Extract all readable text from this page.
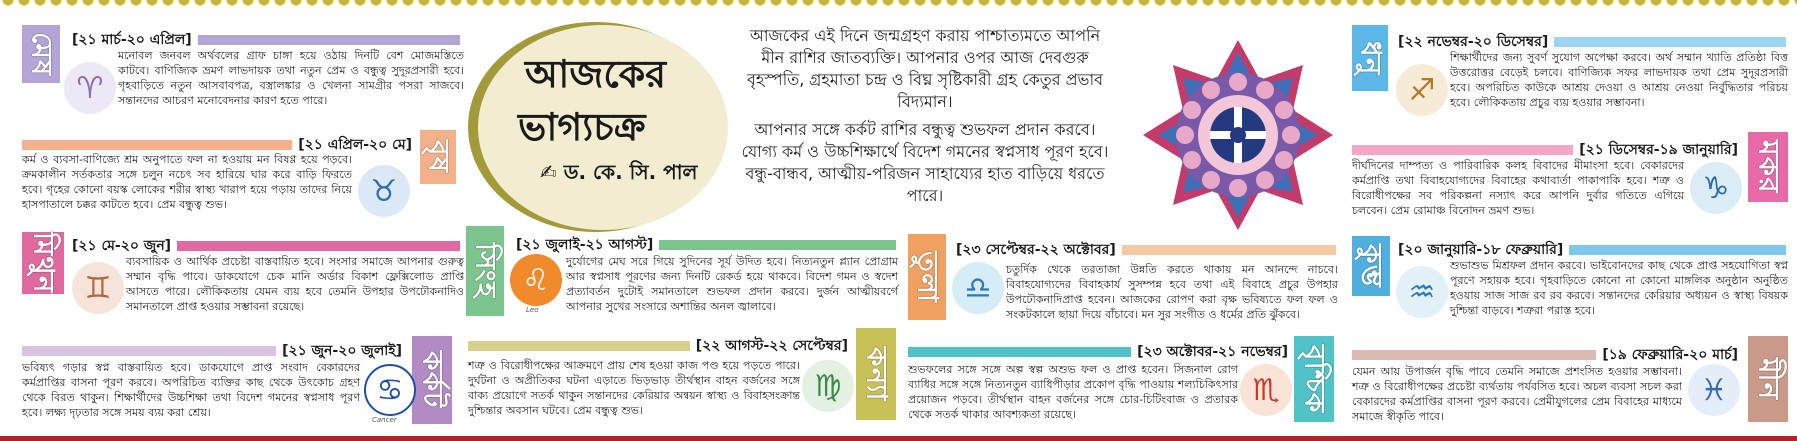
মেষ [২১ মার্চ-২০ এপ্রিল]
♈
মনোবল জনবল অর্থবলের গ্রাফ চাঙ্গা হয়ে ওঠায় দিনটি বেশ মোজমস্তিতে কাটবে। বাণিজ্যিক ভ্রমণ লাভদায়ক তথা নতুন প্রেম ও বন্ধুত্ব সুদূরপ্রসারী হবে। গৃহবাড়িতে নতুন আসবাবপত্র, বস্ত্রালঙ্কার ও খেলনা সামগ্রীর পসরা সাজবে। সন্তানদের আচরণ মনোবেদনার কারণ হতে পারে।
[২১ এপ্রিল-২০ মে] বৃষ
কর্ম ও ব্যবসা-বাণিজ্যে শ্রম অনুপাতে ফল না হওয়ায় মন বিষণ্ণ হয়ে পড়বে। ক্রমকালীন সর্তকতার সঙ্গে চলুন নচেৎ সব হারিয়ে ঘার করে বাড়ি ফিরতে হবে। গৃহের কোনো বয়স্ক লোকের শরীর স্বাস্থ্য খারাপ হয়ে পড়ায় তাদের নিয়ে হাসপাতালে চক্কর কাটতে হবে। প্রেম বন্ধুত্ব শুভ।	♉
মিথুন [২১ মে-২০ জুন]
♊
ব্যবসায়িক ও আর্থিক প্রচেষ্টা বাস্তবায়িত হবে। সংসার সমাজে আপনার গুরুত্ব সম্মান বৃদ্ধি পাবে। ডাকযোগে চেক মানি অর্ডার বিকাশ ফ্লেক্সিলোড প্রাপ্তি আসতে পারে। লৌকিকতায় যেমন ব্যয় হবে তেমনি উপহার উপঢৌকনাদিও সমানতালে প্রাপ্ত হওয়ার সম্ভাবনা রয়েছে।
[২১ জুন-২০ জুলাই]
কর্কট
ভবিষ্যৎ গড়ার স্বপ্ন বাস্তবায়িত হবে। ডাকযোগে প্রাপ্ত সংবাদ বেকারদের কর্মপ্রাপ্তির বাসনা পূরণ করবে। অপরিচিত ব্যক্তির কাছ থেকে উৎকোচ গ্রহণ থেকে বিরত থাকুন। শিক্ষার্থীদের উচ্চশিক্ষা তথা বিদেশ গমনের স্বপ্নসাধ পূরণ হবে। লক্ষ্য দৃঢ়তার সঙ্গে সময় ব্যয় করা শ্রেয়।
♋
Cancer
আজকের
ভাগ্যচক্র
✍ ড. কে. সি. পাল

আজকের এই দিনে জন্মগ্রহণ করায় পাশ্চাত্যমতে আপনি মীন রাশির জাতব্যক্তি। আপনার ওপর আজ দেবগুরু বৃহস্পতি, গ্রহমাতা চন্দ্র ও বিঘ্ন সৃষ্টিকারী গ্রহ কেতুর প্রভাব বিদ্যমান।

আপনার সঙ্গে কর্কট রাশির বন্ধুত্ব শুভফল প্রদান করবে। যোগ্য কর্ম ও উচ্চশিক্ষার্থে বিদেশ গমনের স্বপ্নসাধ পূরণ হবে। বন্ধু-বান্ধব, আত্মীয়-পরিজন সাহায্যের হাত বাড়িয়ে ধরতে পারে।

সিংহ [২১ জুলাই-২১ আগস্ট]
♌
Leo
দুর্যোগের মেঘ সরে গিয়ে সুদিনের সূর্য উদিত হবে। নিত্যনতুন প্ল্যান প্রোগ্রাম আর স্বপ্নসাধ পূরণের জন্য দিনটি রেকর্ড হয়ে থাকবে। বিদেশ গমন ও স্বদেশ প্রত্যাবর্তন দুটোই সমানতালে শুভফল প্রদান করবে। দুর্জন আত্মীয়বর্গে আপনার সুখের সংসারে অশান্তির অনল জ্বালাবে।
[২২ আগস্ট-২২ সেপ্টেম্বর]
কন্যা
শত্রু ও বিরোধীপক্ষের আক্রমণে প্রায় শেষ হওয়া কাজ পণ্ড হয়ে পড়তে পারে। দুর্ঘটনা ও অপ্রীতিকর ঘটনা এড়াতে ভিড়ভাড় তীর্থস্থান বাহন বর্জনের সঙ্গে বাক্য প্রয়োগে সতর্ক থাকুন সন্তানদের কেরিয়ার অন্বয়ন স্বাস্থ্য ও বিবাহসংক্রান্ত দুশ্চিন্তার অবসান ঘটবে। প্রেম বন্ধুত্ব শুভ।
♍
তুলা
[২৩ সেপ্টেম্বর-২২ অক্টোবর]
♎
চতুর্দিক থেকে তরতাজা উন্নতি করতে থাকায় মন আনন্দে নাচবে। বিবাহযোগ্যদের বিবাহকার্য সুসম্পন্ন হবে তথা এই বিবাহে প্রচুর উপহার উপঢৌকনাদিপ্রাপ্ত হবেন। আজকের রোপণ করা বৃক্ষ ভবিষ্যতে ফল ফল ও সংকটকালে ছায়া দিয়ে বাঁচাবে। মন সুর সংগীত ও ধর্মের প্রতি ঝুঁকবে।
[২৩ অক্টোবর-২১ নভেম্বর] বৃশ্চিক
শুভফলের সঙ্গে সঙ্গে অল্প স্বল্প অশুভ ফল ও প্রাপ্ত হবেন। সিজনাল রোগ ব্যাধির সঙ্গে সঙ্গে নিত্যনতুন ব্যাধিপীড়ার প্রকোপ বৃদ্ধি পাওয়ায় শল্যচিকিৎসার প্রয়োজন পড়বে। তীর্থস্থান বাহন বর্জনের সঙ্গে চোর-চিটিংবাজ ও প্রতারক থেকে সতর্ক থাকার আবশ্যকতা রয়েছে।
♏
ধনু [২২ নভেম্বর-২০ ডিসেম্বর]
♐
শিক্ষার্থীদের জন্য সুবর্ণ সুযোগ অপেক্ষা করবে। অর্থ সম্মান খ্যাতি প্রতিষ্ঠা বিত্ত উত্তরোত্তর বেড়েই চলবে। বাণিজ্যিক সফর লাভদায়ক তথা প্রেম সুদূরপ্রসারী হবে। অপরিচিত কাউকে আশ্রয় দেওয়া ও আশ্রয় নেওয়া নির্বুদ্ধিতার পরিচয় হবে। লৌকিকতায় প্রচুর ব্যয় হওয়ার সম্ভাবনা।
[২১ ডিসেম্বর-১৯ জানুয়ারি] মকর
দীর্ঘদিনের দাম্পত্য ও পারিবারিক কলহ বিবাদের মীমাংসা হবে। বেকারদের কর্মপ্রাপ্তি তথা বিবাহযোগ্যদের বিবাহের কথাবার্তা পাকাপাকি হবে। শত্রু ও বিরোধীপক্ষের সব পরিকল্পনা নস্যাৎ করে আপনি দুর্বার গতিতে এগিয়ে চলবেন। প্রেম রোমাঞ্চ বিনোদন ভ্রমণ শুভ।
♑
কুম্ভ [২০ জানুয়ারি-১৮ ফেব্রুয়ারি]
♒
শুভাশুভ মিশ্রফল প্রদান করবে। ভাইবোনদের কাছ থেকে প্রাপ্ত সহযোগিতা স্বপ্ন পূরণে সহায়ক হবে। গৃহবাড়িতে কোনো না কোনো মাঙ্গলিক অনুষ্ঠান অনুষ্ঠিত হওয়ায় সাজ সাজ রব রব করবে। সন্তানদের কেরিয়ার অধ্যয়ন ও স্বাস্থ্য বিষয়ক দুশ্চিন্তা বাড়বে। শত্রুরা পরাস্ত হবে।
[১৯ ফেব্রুয়ারি-২০ মার্চ]
মীন
যেমন আয় উপার্জন বৃদ্ধি পাবে তেমনি সমাজে প্রশংসিত হওয়ার সম্ভাবনা। শত্রু ও বিরোধীপক্ষের প্রচেষ্টা ব্যর্থতায় পর্যবসিত হবে। অচল ব্যবসা সচল করা বেকারদের কর্মপ্রাপ্তির বাসনা পূরণ করবে। প্রেমীযুগলের প্রেম বিবাহের মাধ্যমে সমাজে স্বীকৃতি পাবে।
♓
